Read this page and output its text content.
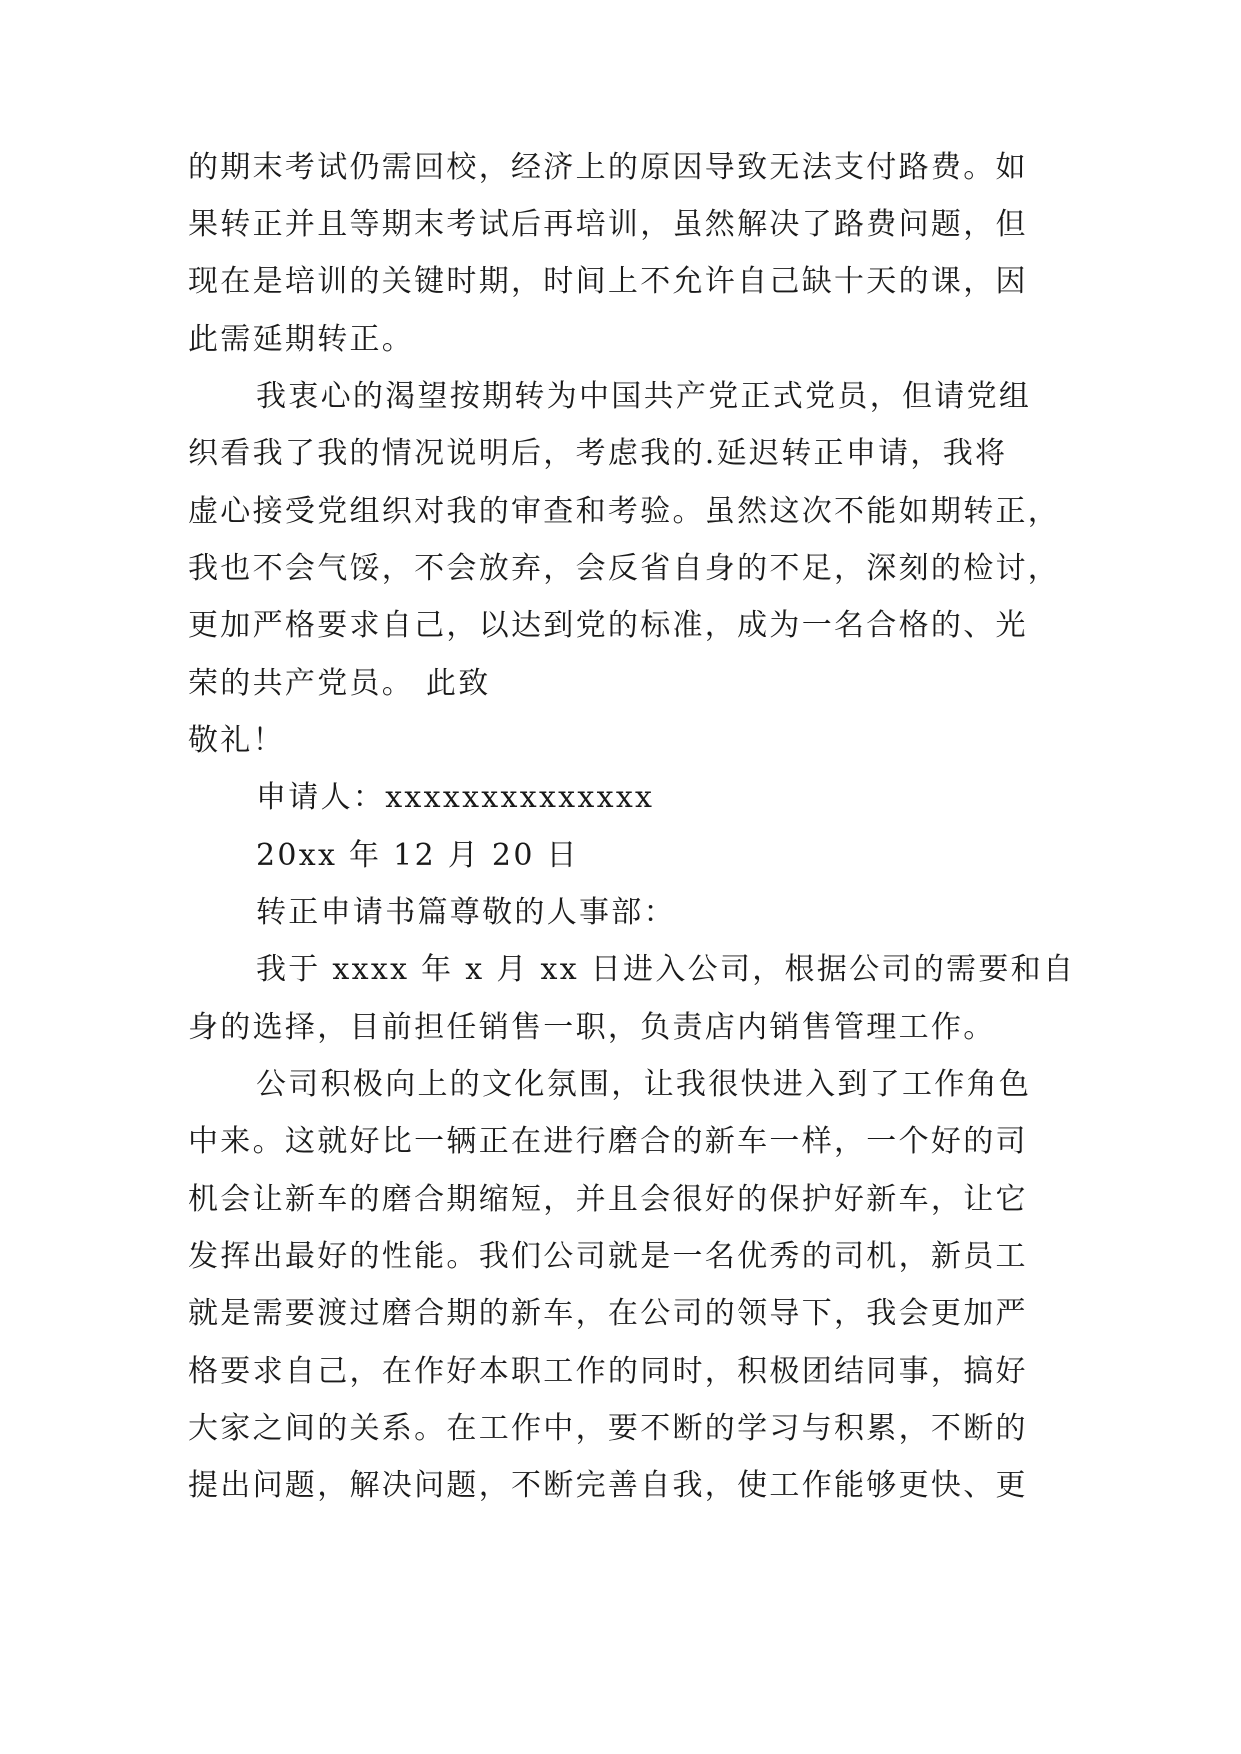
的期末考试仍需回校，经济上的原因导致无法支付路费。如
果转正并且等期末考试后再培训，虽然解决了路费问题，但
现在是培训的关键时期，时间上不允许自己缺十天的课，因
此需延期转正。
我衷心的渴望按期转为中国共产党正式党员，但请党组
织看我了我的情况说明后，考虑我的.延迟转正申请，我将
虚心接受党组织对我的审查和考验。虽然这次不能如期转正，
我也不会气馁，不会放弃，会反省自身的不足，深刻的检讨，
更加严格要求自己，以达到党的标准，成为一名合格的、光
荣的共产党员。 此致
敬礼！
申请人：xxxxxxxxxxxxxx
20xx 年 12 月 20 日
转正申请书篇尊敬的人事部：
我于 xxxx 年 x 月 xx 日进入公司，根据公司的需要和自
身的选择，目前担任销售一职，负责店内销售管理工作。
公司积极向上的文化氛围，让我很快进入到了工作角色
中来。这就好比一辆正在进行磨合的新车一样，一个好的司
机会让新车的磨合期缩短，并且会很好的保护好新车，让它
发挥出最好的性能。我们公司就是一名优秀的司机，新员工
就是需要渡过磨合期的新车，在公司的领导下，我会更加严
格要求自己，在作好本职工作的同时，积极团结同事，搞好
大家之间的关系。在工作中，要不断的学习与积累，不断的
提出问题，解决问题，不断完善自我，使工作能够更快、更
